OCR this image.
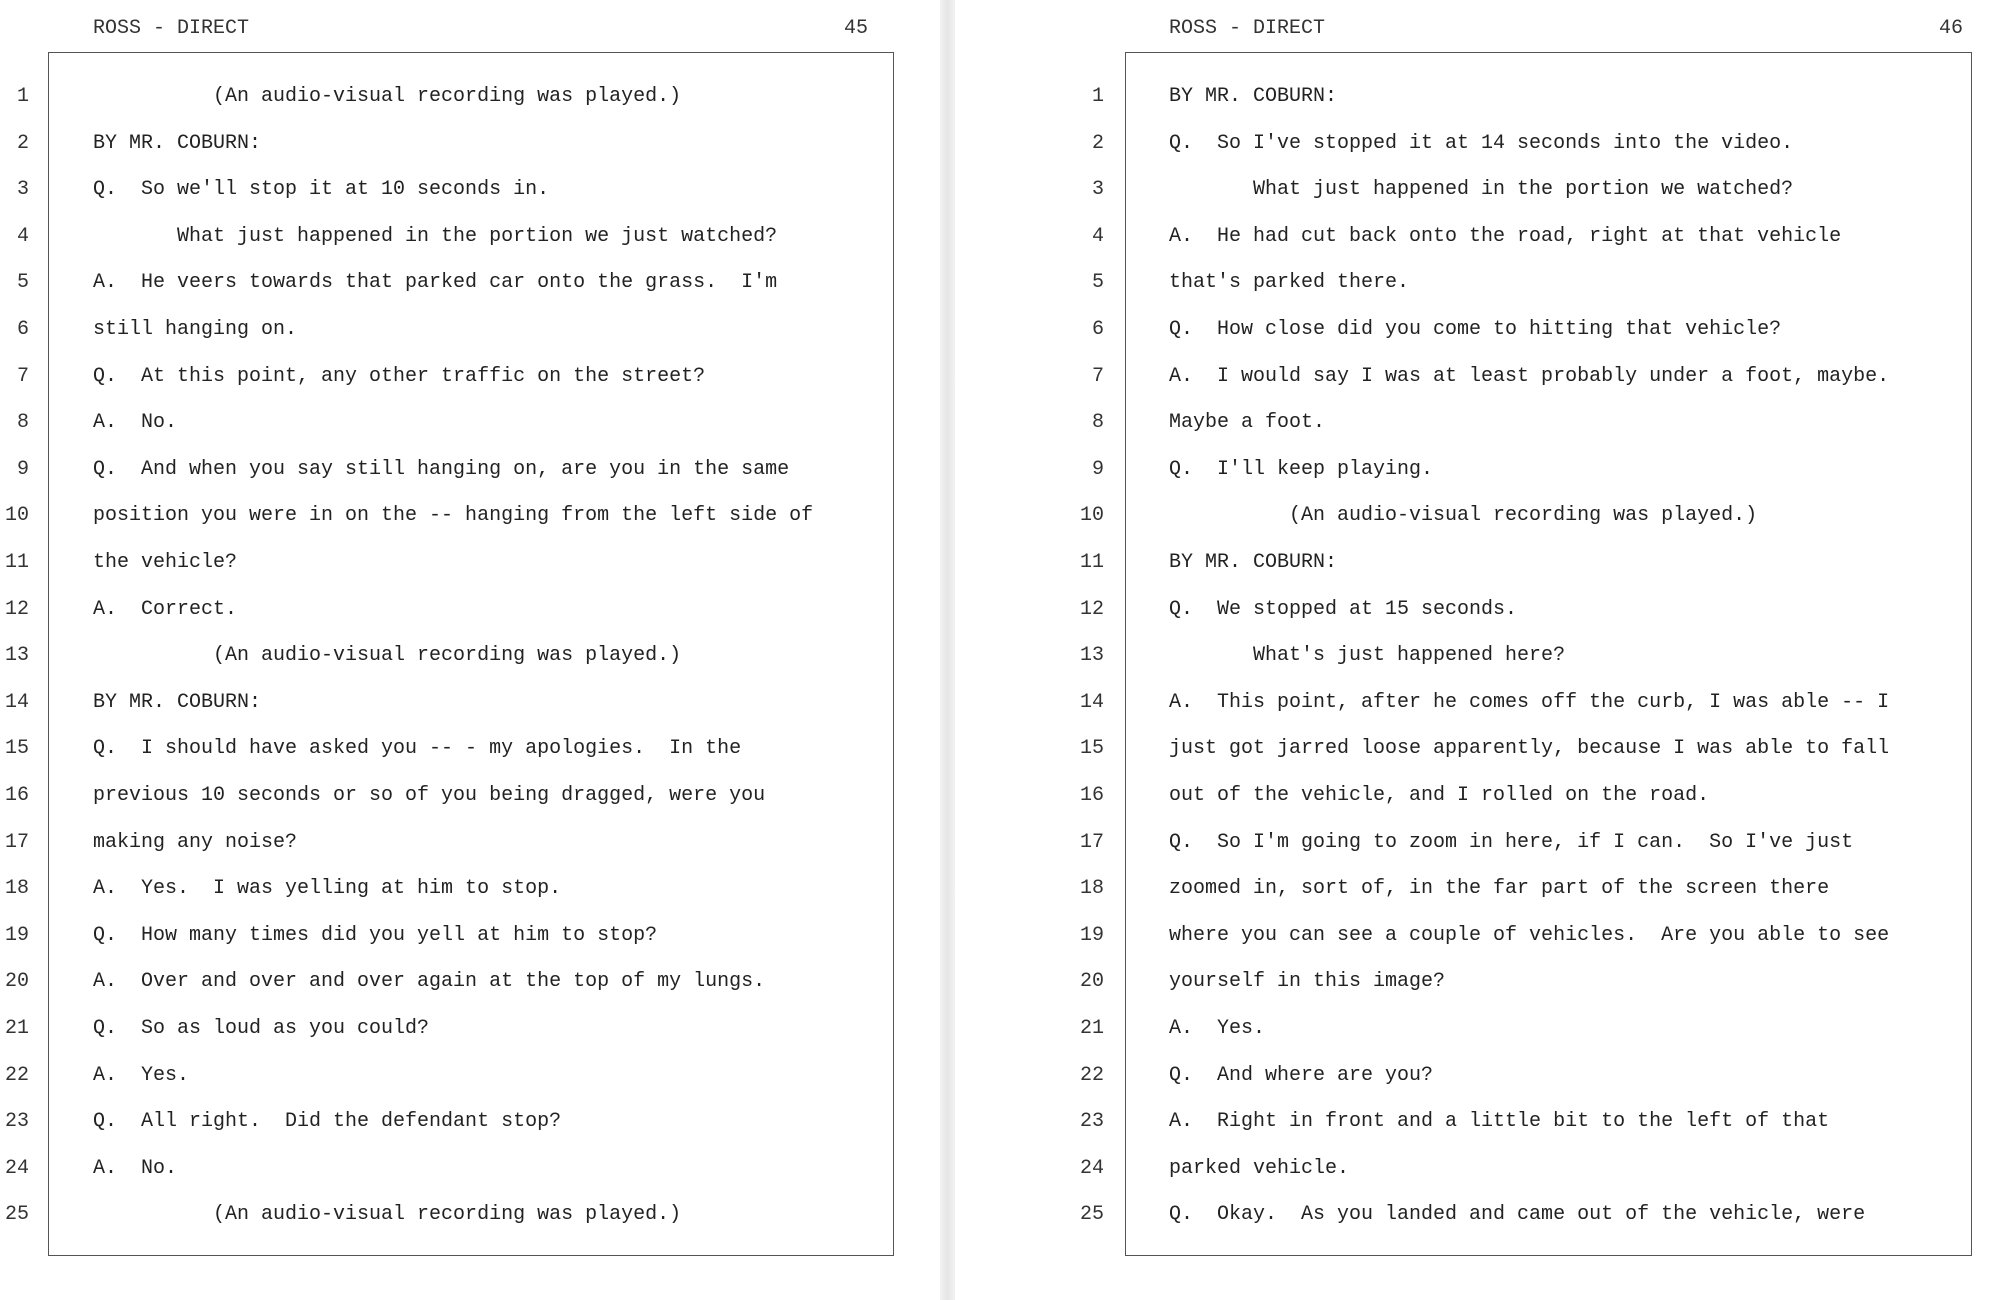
ROSS - DIRECT	45
1	(An audio-visual recording was played.)
2	BY MR. COBURN:
3	Q.  So we'll stop it at 10 seconds in.
4	What just happened in the portion we just watched?
5	A.  He veers towards that parked car onto the grass.  I'm
6	still hanging on.
7	Q.  At this point, any other traffic on the street?
8	A.  No.
9	Q.  And when you say still hanging on, are you in the same
10	position you were in on the -- hanging from the left side of
11	the vehicle?
12	A.  Correct.
13	(An audio-visual recording was played.)
14	BY MR. COBURN:
15	Q.  I should have asked you -- - my apologies.  In the
16	previous 10 seconds or so of you being dragged, were you
17	making any noise?
18	A.  Yes.  I was yelling at him to stop.
19	Q.  How many times did you yell at him to stop?
20	A.  Over and over and over again at the top of my lungs.
21	Q.  So as loud as you could?
22	A.  Yes.
23	Q.  All right.  Did the defendant stop?
24	A.  No.
25	(An audio-visual recording was played.)
ROSS - DIRECT	46
1	BY MR. COBURN:
2	Q.  So I've stopped it at 14 seconds into the video.
3	What just happened in the portion we watched?
4	A.  He had cut back onto the road, right at that vehicle
5	that's parked there.
6	Q.  How close did you come to hitting that vehicle?
7	A.  I would say I was at least probably under a foot, maybe.
8	Maybe a foot.
9	Q.  I'll keep playing.
10	(An audio-visual recording was played.)
11	BY MR. COBURN:
12	Q.  We stopped at 15 seconds.
13	What's just happened here?
14	A.  This point, after he comes off the curb, I was able -- I
15	just got jarred loose apparently, because I was able to fall
16	out of the vehicle, and I rolled on the road.
17	Q.  So I'm going to zoom in here, if I can.  So I've just
18	zoomed in, sort of, in the far part of the screen there
19	where you can see a couple of vehicles.  Are you able to see
20	yourself in this image?
21	A.  Yes.
22	Q.  And where are you?
23	A.  Right in front and a little bit to the left of that
24	parked vehicle.
25	Q.  Okay.  As you landed and came out of the vehicle, were
